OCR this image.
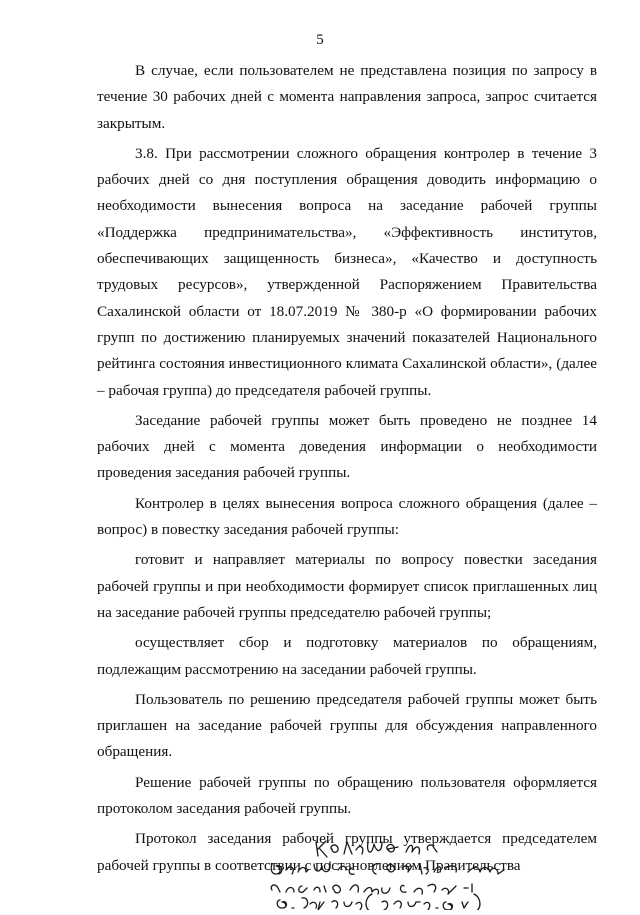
5

В случае, если пользователем не представлена позиция по запросу в течение 30 рабочих дней с момента направления запроса, запрос считается закрытым.

3.8. При рассмотрении сложного обращения контролер в течение 3 рабочих дней со дня поступления обращения доводить информацию о необходимости вынесения вопроса на заседание рабочей группы «Поддержка предпринимательства», «Эффективность институтов, обеспечивающих защищенность бизнеса», «Качество и доступность трудовых ресурсов», утвержденной Распоряжением Правительства Сахалинской области от 18.07.2019 № 380-р «О формировании рабочих групп по достижению планируемых значений показателей Национального рейтинга состояния инвестиционного климата Сахалинской области», (далее – рабочая группа) до председателя рабочей группы.

Заседание рабочей группы может быть проведено не позднее 14 рабочих дней с момента доведения информации о необходимости проведения заседания рабочей группы.

Контролер в целях вынесения вопроса сложного обращения (далее – вопрос) в повестку заседания рабочей группы:

готовит и направляет материалы по вопросу повестки заседания рабочей группы и при необходимости формирует список приглашенных лиц на заседание рабочей группы председателю рабочей группы;

осуществляет сбор и подготовку материалов по обращениям, подлежащим рассмотрению на заседании рабочей группы.

Пользователь по решению председателя рабочей группы может быть приглашен на заседание рабочей группы для обсуждения направленного обращения.

Решение рабочей группы по обращению пользователя оформляется протоколом заседания рабочей группы.

Протокол заседания рабочей группы утверждается председателем рабочей группы в соответствии с постановлением Правительства
